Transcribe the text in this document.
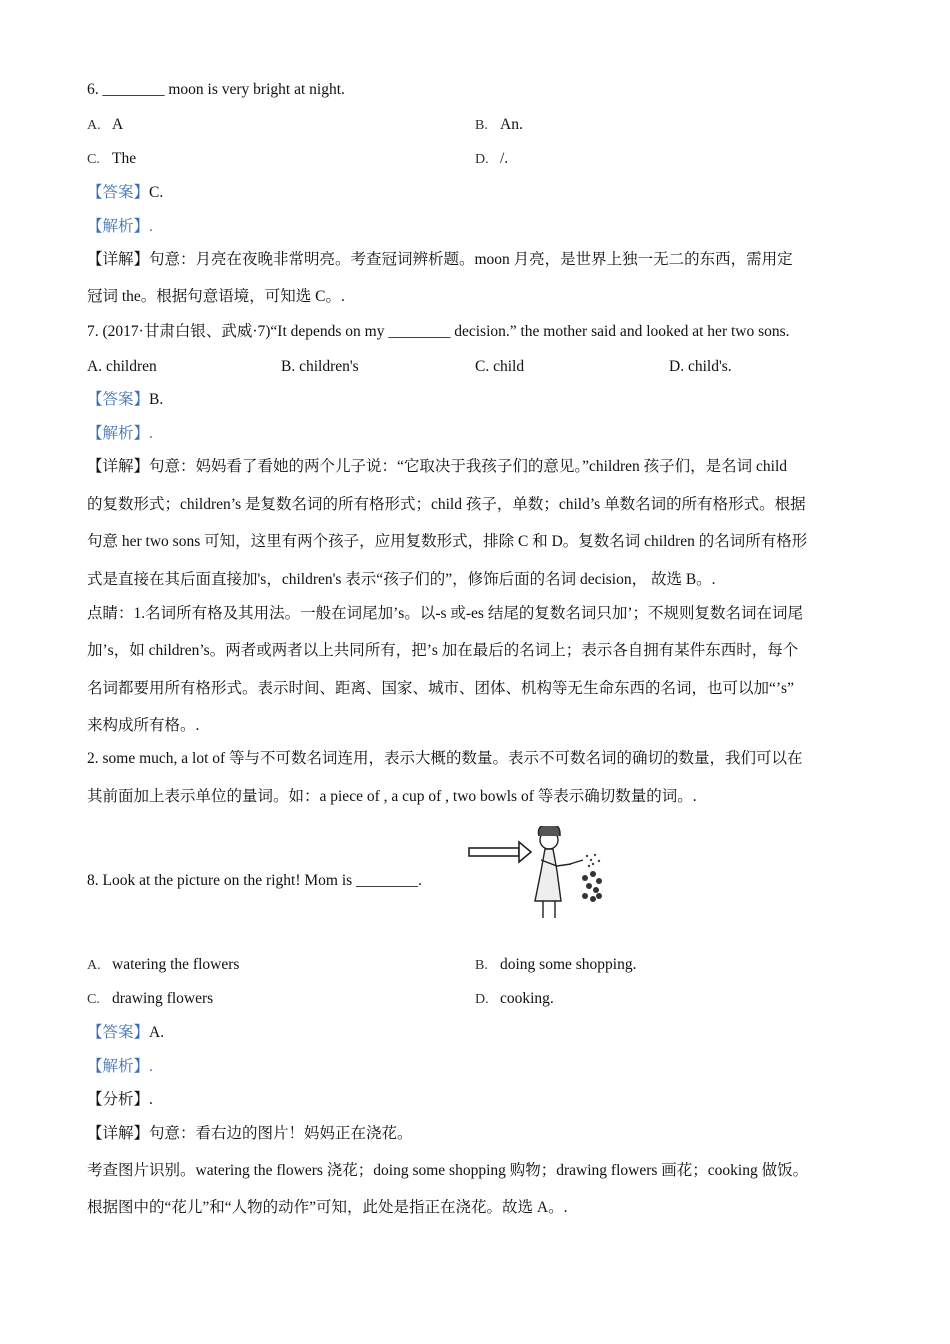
6. ________ moon is very bright at night.
A. A	B. An.
C. The	D. /.
【答案】C.
【解析】.
【详解】句意：月亮在夜晚非常明亮。考查冠词辨析题。moon 月亮，是世界上独一无二的东西，需用定
冠词 the。根据句意语境，可知选 C。.
7. (2017·甘肃白银、武威·7)“It depends on my ________ decision.” the mother said and looked at her two sons.
A. children	B. children's	C. child	D. child's.
【答案】B.
【解析】.
【详解】句意：妈妈看了看她的两个儿子说：“它取决于我孩子们的意见。”children 孩子们，是名词 child
的复数形式；children’s 是复数名词的所有格形式；child 孩子，单数；child’s 单数名词的所有格形式。根据
句意 her two sons 可知，这里有两个孩子，应用复数形式，排除 C 和 D。复数名词 children 的名词所有格形
式是直接在其后面直接加's，children's 表示“孩子们的”，修饰后面的名词 decision， 故选 B。.
点睛：1.名词所有格及其用法。一般在词尾加’s。以-s 或-es 结尾的复数名词只加’；不规则复数名词在词尾
加’s，如 children’s。两者或两者以上共同所有，把’s 加在最后的名词上；表示各自拥有某件东西时，每个
名词都要用所有格形式。表示时间、距离、国家、城市、团体、机构等无生命东西的名词，也可以加“’s”
来构成所有格。.
2. some much, a lot of 等与不可数名词连用，表示大概的数量。表示不可数名词的确切的数量，我们可以在
其前面加上表示单位的量词。如：a piece of , a cup of , two bowls of 等表示确切数量的词。.
8. Look at the picture on the right! Mom is ________.
A. watering the flowers	B. doing some shopping.
C. drawing flowers	D. cooking.
【答案】A.
【解析】.
【分析】.
【详解】句意：看右边的图片！妈妈正在浇花。
考查图片识别。watering the flowers 浇花；doing some shopping 购物；drawing flowers 画花；cooking 做饭。
根据图中的“花儿”和“人物的动作”可知，此处是指正在浇花。故选 A。.
